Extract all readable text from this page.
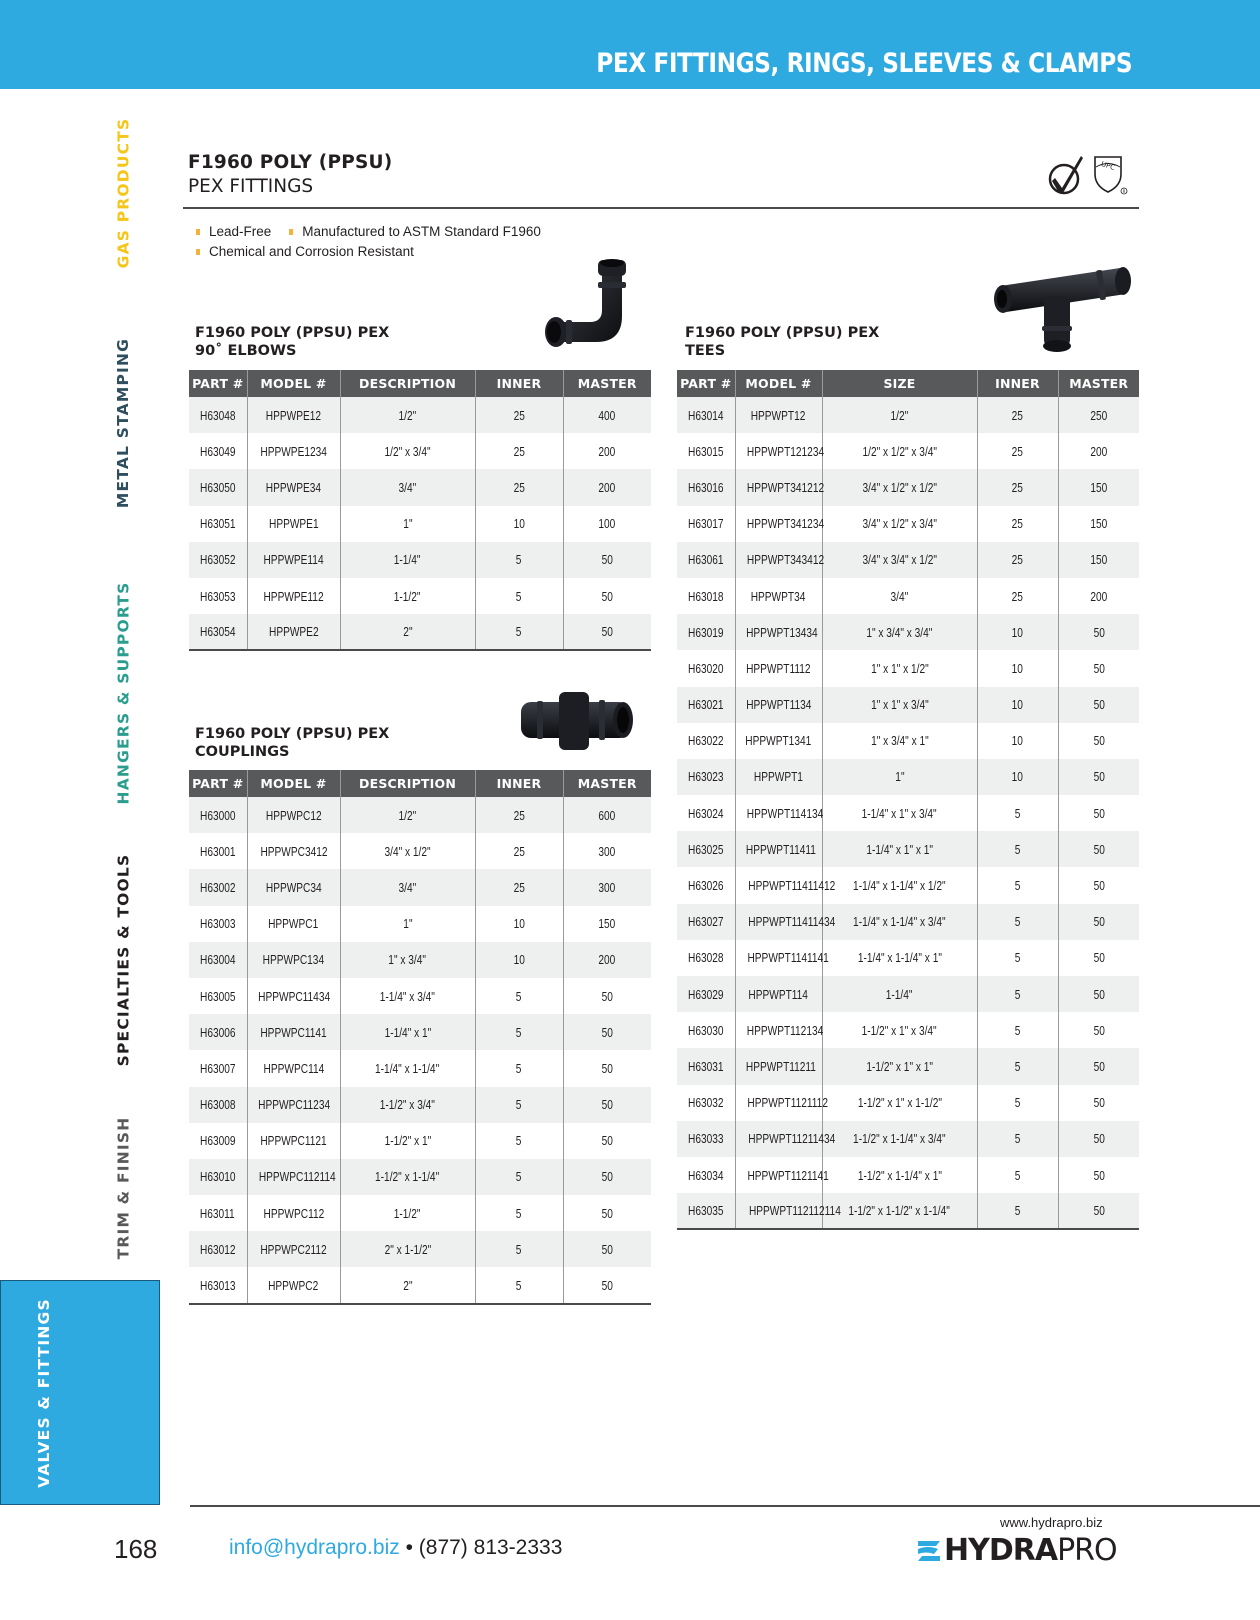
PEX FITTINGS, RINGS, SLEEVES & CLAMPS
GAS PRODUCTS
METAL STAMPING
HANGERS & SUPPORTS
SPECIALTIES & TOOLS
TRIM & FINISH
VALVES & FITTINGS
F1960 POLY (PPSU)
PEX FITTINGS
UPC
R
Lead-Free Manufactured to ASTM Standard F1960
Chemical and Corrosion Resistant
F1960 POLY (PPSU) PEX
90˚ ELBOWS
PART #	MODEL #	DESCRIPTION	INNER	MASTER
H63048	HPPWPE12	1/2"	25	400
H63049	HPPWPE1234	1/2" x 3/4"	25	200
H63050	HPPWPE34	3/4"	25	200
H63051	HPPWPE1	1"	10	100
H63052	HPPWPE114	1-1/4"	5	50
H63053	HPPWPE112	1-1/2"	5	50
H63054	HPPWPE2	2"	5	50
F1960 POLY (PPSU) PEX
COUPLINGS
PART #	MODEL #	DESCRIPTION	INNER	MASTER
H63000	HPPWPC12	1/2"	25	600
H63001	HPPWPC3412	3/4" x 1/2"	25	300
H63002	HPPWPC34	3/4"	25	300
H63003	HPPWPC1	1"	10	150
H63004	HPPWPC134	1" x 3/4"	10	200
H63005	HPPWPC11434	1-1/4" x 3/4"	5	50
H63006	HPPWPC1141	1-1/4" x 1"	5	50
H63007	HPPWPC114	1-1/4" x 1-1/4"	5	50
H63008	HPPWPC11234	1-1/2" x 3/4"	5	50
H63009	HPPWPC1121	1-1/2" x 1"	5	50
H63010	HPPWPC112114	1-1/2" x 1-1/4"	5	50
H63011	HPPWPC112	1-1/2"	5	50
H63012	HPPWPC2112	2" x 1-1/2"	5	50
H63013	HPPWPC2	2"	5	50
F1960 POLY (PPSU) PEX
TEES
PART #	MODEL #	SIZE	INNER	MASTER
H63014	HPPWPT12	1/2"	25	250
H63015	HPPWPT121234	1/2" x 1/2" x 3/4"	25	200
H63016	HPPWPT341212	3/4" x 1/2" x 1/2"	25	150
H63017	HPPWPT341234	3/4" x 1/2" x 3/4"	25	150
H63061	HPPWPT343412	3/4" x 3/4" x 1/2"	25	150
H63018	HPPWPT34	3/4"	25	200
H63019	HPPWPT13434	1" x 3/4" x 3/4"	10	50
H63020	HPPWPT1112	1" x 1" x 1/2"	10	50
H63021	HPPWPT1134	1" x 1" x 3/4"	10	50
H63022	HPPWPT1341	1" x 3/4" x 1"	10	50
H63023	HPPWPT1	1"	10	50
H63024	HPPWPT114134	1-1/4" x 1" x 3/4"	5	50
H63025	HPPWPT11411	1-1/4" x 1" x 1"	5	50
H63026	HPPWPT11411412	1-1/4" x 1-1/4" x 1/2"	5	50
H63027	HPPWPT11411434	1-1/4" x 1-1/4" x 3/4"	5	50
H63028	HPPWPT1141141	1-1/4" x 1-1/4" x 1"	5	50
H63029	HPPWPT114	1-1/4"	5	50
H63030	HPPWPT112134	1-1/2" x 1" x 3/4"	5	50
H63031	HPPWPT11211	1-1/2" x 1" x 1"	5	50
H63032	HPPWPT1121112	1-1/2" x 1" x 1-1/2"	5	50
H63033	HPPWPT11211434	1-1/2" x 1-1/4" x 3/4"	5	50
H63034	HPPWPT1121141	1-1/2" x 1-1/4" x 1"	5	50
H63035	HPPWPT112112114	1-1/2" x 1-1/2" x 1-1/4"	5	50
168	info@hydrapro.biz • (877) 813-2333
www.hydrapro.biz
HYDRA PRO
